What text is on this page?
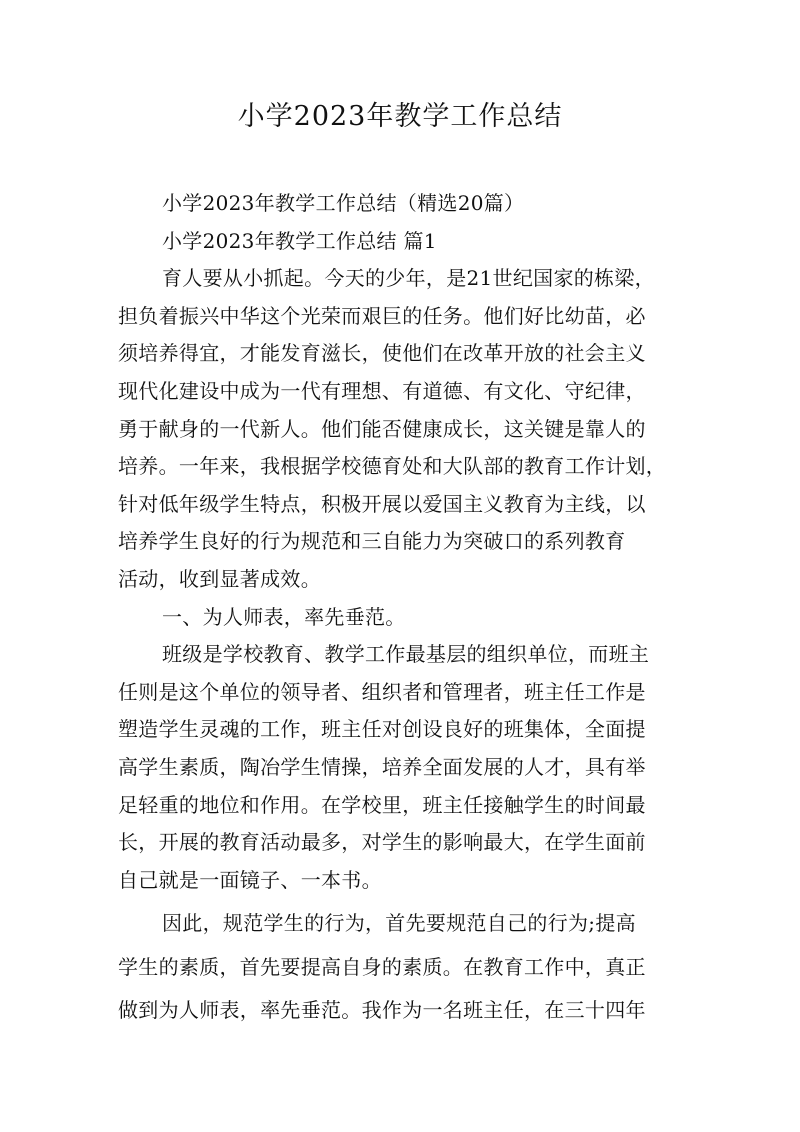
小学2023年教学工作总结

小学2023年教学工作总结（精选20篇）

小学2023年教学工作总结 篇1

育人要从小抓起。今天的少年，是21世纪国家的栋梁，

担负着振兴中华这个光荣而艰巨的任务。他们好比幼苗，必

须培养得宜，才能发育滋长，使他们在改革开放的社会主义

现代化建设中成为一代有理想、有道德、有文化、守纪律，

勇于献身的一代新人。他们能否健康成长，这关键是靠人的

培养。一年来，我根据学校德育处和大队部的教育工作计划，

针对低年级学生特点，积极开展以爱国主义教育为主线，以

培养学生良好的行为规范和三自能力为突破口的系列教育

活动，收到显著成效。

一、为人师表，率先垂范。

班级是学校教育、教学工作最基层的组织单位，而班主

任则是这个单位的领导者、组织者和管理者，班主任工作是

塑造学生灵魂的工作，班主任对创设良好的班集体，全面提

高学生素质，陶冶学生情操，培养全面发展的人才，具有举

足轻重的地位和作用。在学校里，班主任接触学生的时间最

长，开展的教育活动最多，对学生的影响最大，在学生面前

自己就是一面镜子、一本书。

因此，规范学生的行为，首先要规范自己的行为;提高

学生的素质，首先要提高自身的素质。在教育工作中，真正

做到为人师表，率先垂范。我作为一名班主任，在三十四年
